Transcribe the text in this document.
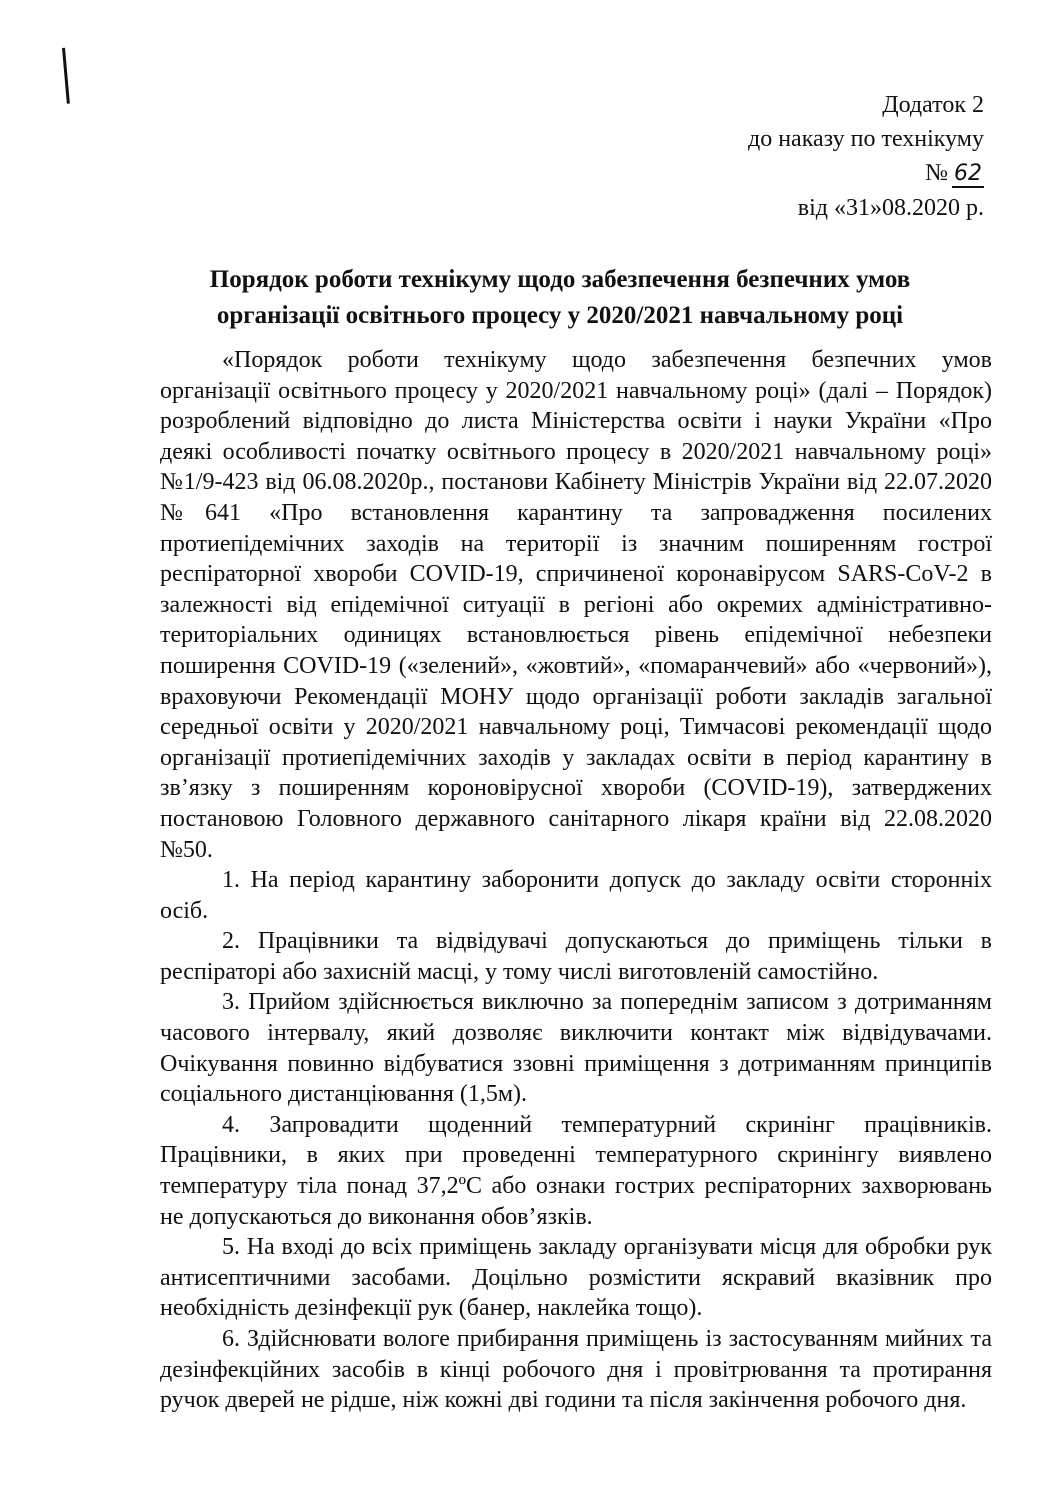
Додаток 2
до наказу по технікуму
№ 62
від «31»08.2020 р.
Порядок роботи технікуму щодо забезпечення безпечних умов
організації освітнього процесу у 2020/2021 навчальному році

«Порядок роботи технікуму щодо забезпечення безпечних умов організації освітнього процесу у 2020/2021 навчальному році» (далі – Порядок) розроблений відповідно до листа Міністерства освіти і науки України «Про деякі особливості початку освітнього процесу в 2020/2021 навчальному році» №1/9-423 від 06.08.2020р., постанови Кабінету Міністрів України від 22.07.2020 №641 «Про встановлення карантину та запровадження посилених протиепідемічних заходів на території із значним поширенням гострої респіраторної хвороби COVID-19, спричиненої коронавірусом SARS-CoV-2 в залежності від епідемічної ситуації в регіоні або окремих адміністративно-територіальних одиницях встановлюється рівень епідемічної небезпеки поширення COVID-19 («зелений», «жовтий», «помаранчевий» або «червоний»), враховуючи Рекомендації МОНУ щодо організації роботи закладів загальної середньої освіти у 2020/2021 навчальному році, Тимчасові рекомендації щодо організації протиепідемічних заходів у закладах освіти в період карантину в зв’язку з поширенням короновірусної хвороби (COVID-19), затверджених постановою Головного державного санітарного лікаря країни від 22.08.2020 №50.

1. На період карантину заборонити допуск до закладу освіти сторонніх осіб.

2. Працівники та відвідувачі допускаються до приміщень тільки в респіраторі або захисній масці, у тому числі виготовленій самостійно.

3. Прийом здійснюється виключно за попереднім записом з дотриманням часового інтервалу, який дозволяє виключити контакт між відвідувачами. Очікування повинно відбуватися ззовні приміщення з дотриманням принципів соціального дистанціювання (1,5м).

4. Запровадити щоденний температурний скринінг працівників. Працівники, в яких при проведенні температурного скринінгу виявлено температуру тіла понад 37,2ºC або ознаки гострих респіраторних захворювань не допускаються до виконання обов’язків.

5. На вході до всіх приміщень закладу організувати місця для обробки рук антисептичними засобами. Доцільно розмістити яскравий вказівник про необхідність дезінфекції рук (банер, наклейка тощо).

6. Здійснювати вологе прибирання приміщень із застосуванням мийних та дезінфекційних засобів в кінці робочого дня і провітрювання та протирання ручок дверей не рідше, ніж кожні дві години та після закінчення робочого дня.
